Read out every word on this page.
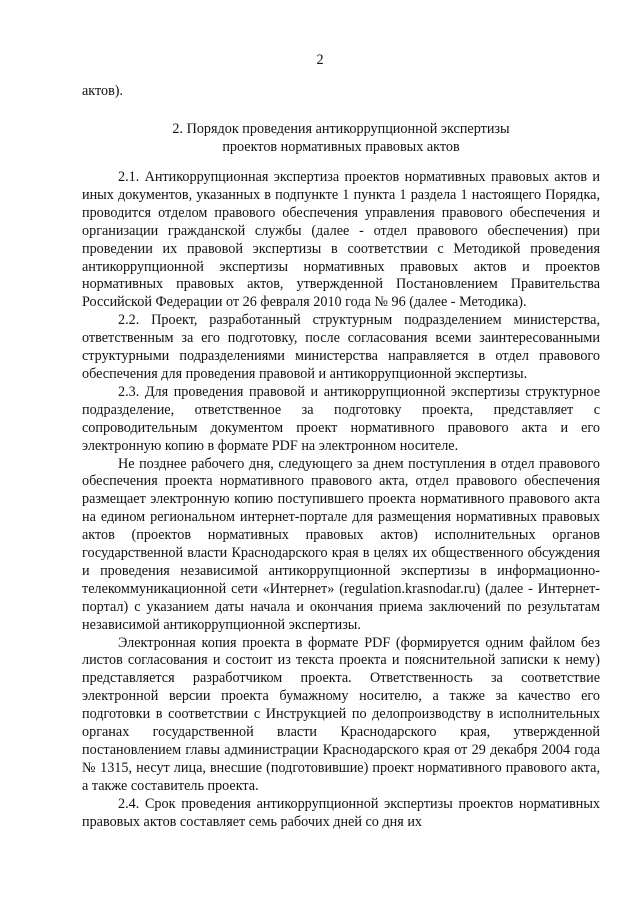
2
актов).
2. Порядок проведения антикоррупционной экспертизы
проектов нормативных правовых актов

2.1. Антикоррупционная экспертиза проектов нормативных правовых актов и иных документов, указанных в подпункте 1 пункта 1 раздела 1 настоящего Порядка, проводится отделом правового обеспечения управления правового обеспечения и организации гражданской службы (далее - отдел правового обеспечения) при проведении их правовой экспертизы в соответствии с Методикой проведения антикоррупционной экспертизы нормативных правовых актов и проектов нормативных правовых актов, утвержденной Постановлением Правительства Российской Федерации от 26 февраля 2010 года № 96 (далее - Методика).

2.2. Проект, разработанный структурным подразделением министерства, ответственным за его подготовку, после согласования всеми заинтересованными структурными подразделениями министерства направляется в отдел правового обеспечения для проведения правовой и антикоррупционной экспертизы.

2.3. Для проведения правовой и антикоррупционной экспертизы структурное подразделение, ответственное за подготовку проекта, представляет с сопроводительным документом проект нормативного правового акта и его электронную копию в формате PDF на электронном носителе.

Не позднее рабочего дня, следующего за днем поступления в отдел правового обеспечения проекта нормативного правового акта, отдел правового обеспечения размещает электронную копию поступившего проекта нормативного правового акта на едином региональном интернет-портале для размещения нормативных правовых актов (проектов нормативных правовых актов) исполнительных органов государственной власти Краснодарского края в целях их общественного обсуждения и проведения независимой антикоррупционной экспертизы в информационно-телекоммуникационной сети «Интернет» (regulation.krasnodar.ru) (далее - Интернет-портал) с указанием даты начала и окончания приема заключений по результатам независимой антикоррупционной экспертизы.

Электронная копия проекта в формате PDF (формируется одним файлом без листов согласования и состоит из текста проекта и пояснительной записки к нему) представляется разработчиком проекта. Ответственность за соответствие электронной версии проекта бумажному носителю, а также за качество его подготовки в соответствии с Инструкцией по делопроизводству в исполнительных органах государственной власти Краснодарского края, утвержденной постановлением главы администрации Краснодарского края от 29 декабря 2004 года № 1315, несут лица, внесшие (подготовившие) проект нормативного правового акта, а также составитель проекта.

2.4. Срок проведения антикоррупционной экспертизы проектов нормативных правовых актов составляет семь рабочих дней со дня их
